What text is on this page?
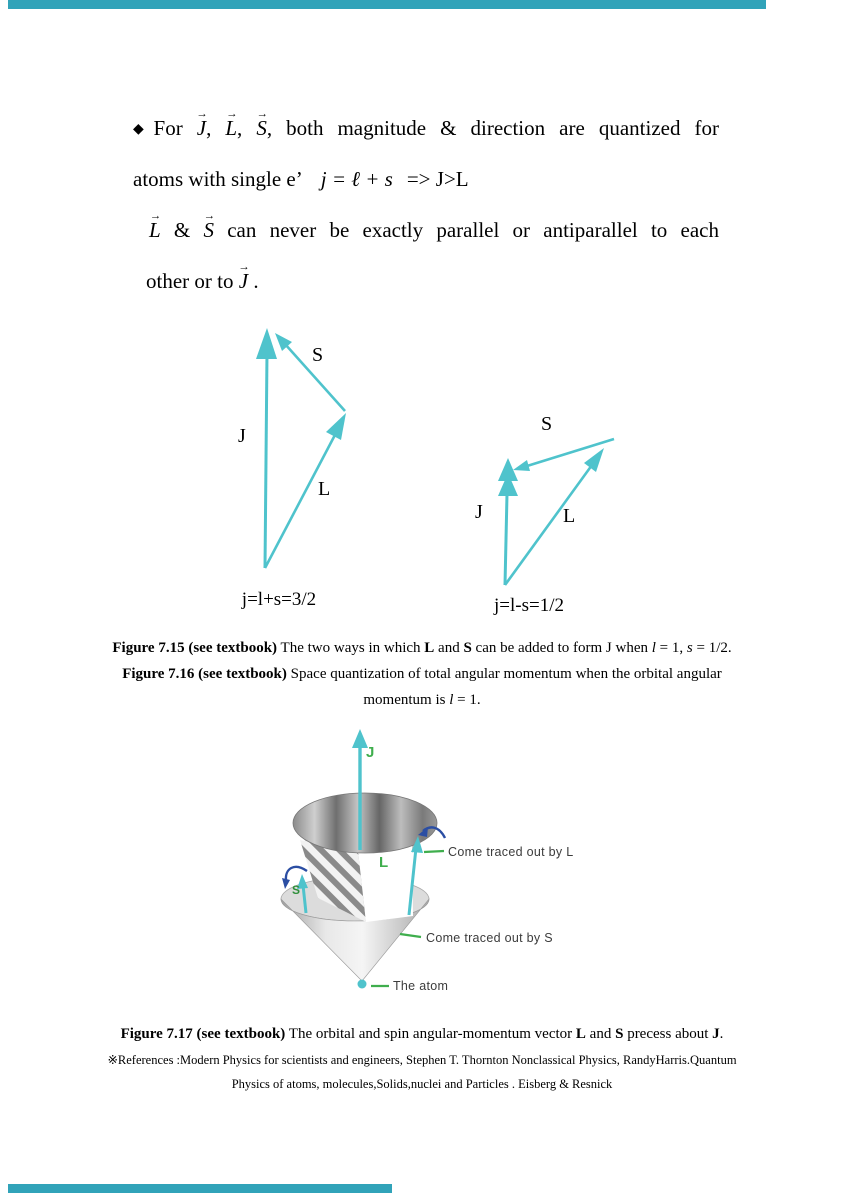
◆For J →, L →, S →, both magnitude & direction are quantized for
atoms with single e’ j = ℓ + s => J>L
L → & S → can never be exactly parallel or antiparallel to each
other or to J → .
S
J
L
j=l+s=3/2
S
J	L
j=l-s=1/2
Figure 7.15 (see textbook) The two ways in which L and S can be added to form J when l = 1, s = 1/2.
Figure 7.16 (see textbook) Space quantization of total angular momentum when the orbital angular
momentum is l = 1.
J
L
S
Come traced out by L
Come traced out by S
The atom
Figure 7.17 (see textbook) The orbital and spin angular-momentum vector L and S precess about J.
※References :Modern Physics for scientists and engineers, Stephen T. Thornton Nonclassical Physics, RandyHarris.Quantum
Physics of atoms, molecules,Solids,nuclei and Particles . Eisberg & Resnick
